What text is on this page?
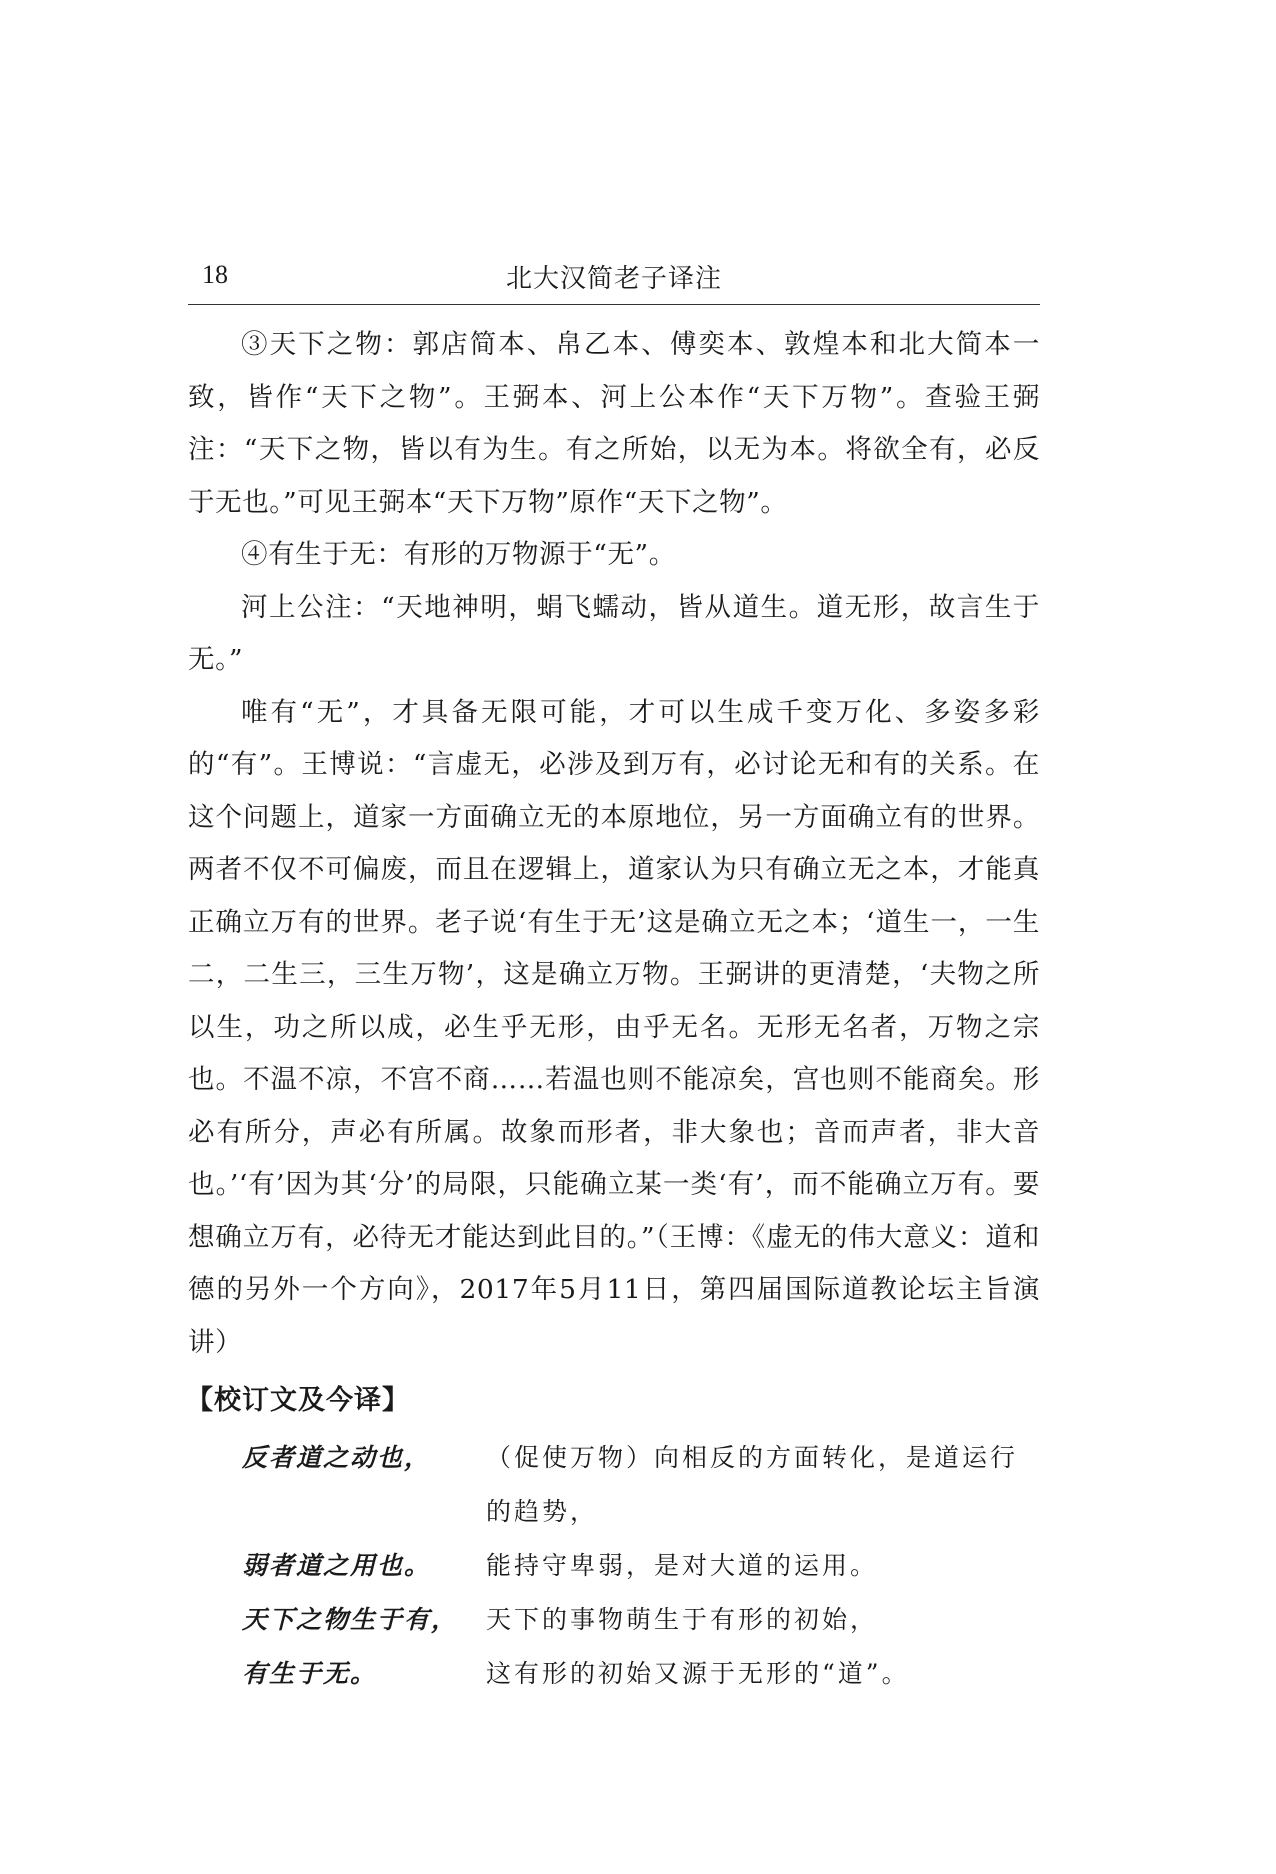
18	北大汉简老子译注

③天下之物：郭店简本、帛乙本、傅奕本、敦煌本和北大简本一致，皆作“天下之物”。王弼本、河上公本作“天下万物”。查验王弼注：“天下之物，皆以有为生。有之所始，以无为本。将欲全有，必反于无也。”可见王弼本“天下万物”原作“天下之物”。

④有生于无：有形的万物源于“无”。

河上公注：“天地神明，蜎飞蠕动，皆从道生。道无形，故言生于无。”

唯有“无”，才具备无限可能，才可以生成千变万化、多姿多彩的“有”。王博说：“言虚无，必涉及到万有，必讨论无和有的关系。在这个问题上，道家一方面确立无的本原地位，另一方面确立有的世界。两者不仅不可偏废，而且在逻辑上，道家认为只有确立无之本，才能真正确立万有的世界。老子说‘有生于无’这是确立无之本；‘道生一，一生二，二生三，三生万物’，这是确立万物。王弼讲的更清楚，‘夫物之所以生，功之所以成，必生乎无形，由乎无名。无形无名者，万物之宗也。不温不凉，不宫不商……若温也则不能凉矣，宫也则不能商矣。形必有所分，声必有所属。故象而形者，非大象也；音而声者，非大音也。’‘有’因为其‘分’的局限，只能确立某一类‘有’，而不能确立万有。要想确立万有，必待无才能达到此目的。”（王博：《虚无的伟大意义：道和德的另外一个方向》，2017年5月11日，第四届国际道教论坛主旨演讲）

【校订文及今译】
反者道之动也，	（促使万物）向相反的方面转化，是道运行的趋势，
弱者道之用也。	能持守卑弱，是对大道的运用。
天下之物生于有，	天下的事物萌生于有形的初始，
有生于无。	这有形的初始又源于无形的“道”。
